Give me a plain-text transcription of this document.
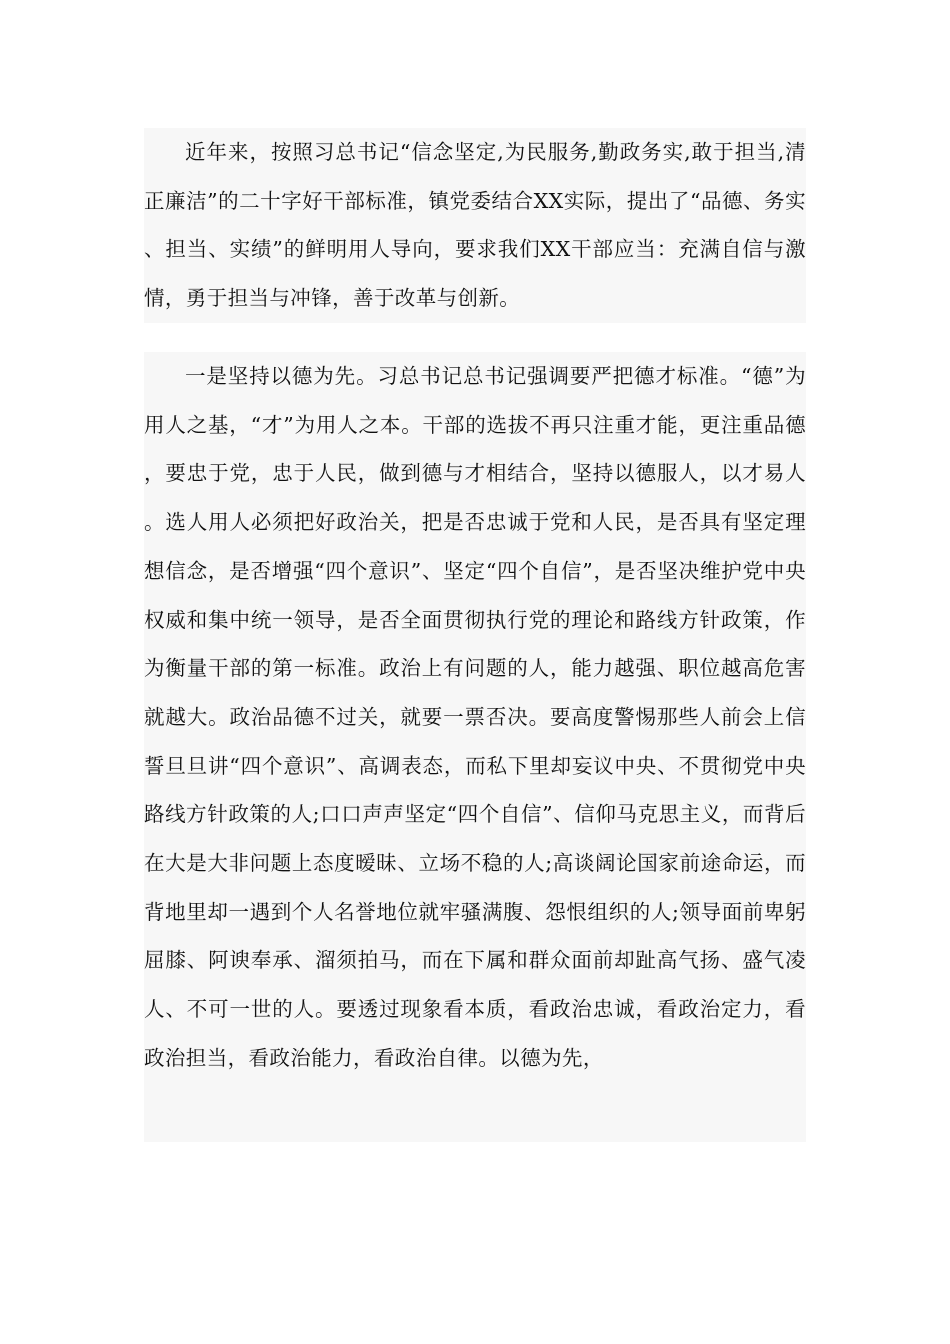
近年来，按照习总书记“信念坚定,为民服务,勤政务实,敢于担当,清正廉洁”的二十字好干部标准，镇党委结合XX实际，提出了“品德、务实、担当、实绩”的鲜明用人导向，要求我们XX干部应当：充满自信与激情，勇于担当与冲锋，善于改革与创新。

一是坚持以德为先。习总书记总书记强调要严把德才标准。“德”为用人之基，“才”为用人之本。干部的选拔不再只注重才能，更注重品德，要忠于党，忠于人民，做到德与才相结合，坚持以德服人，以才易人。选人用人必须把好政治关，把是否忠诚于党和人民，是否具有坚定理想信念，是否增强“四个意识”、坚定“四个自信”，是否坚决维护党中央权威和集中统一领导，是否全面贯彻执行党的理论和路线方针政策，作为衡量干部的第一标准。政治上有问题的人，能力越强、职位越高危害就越大。政治品德不过关，就要一票否决。要高度警惕那些人前会上信誓旦旦讲“四个意识”、高调表态，而私下里却妄议中央、不贯彻党中央路线方针政策的人;口口声声坚定“四个自信”、信仰马克思主义，而背后在大是大非问题上态度暧昧、立场不稳的人;高谈阔论国家前途命运，而背地里却一遇到个人名誉地位就牢骚满腹、怨恨组织的人;领导面前卑躬屈膝、阿谀奉承、溜须拍马，而在下属和群众面前却趾高气扬、盛气凌人、不可一世的人。要透过现象看本质，看政治忠诚，看政治定力，看政治担当，看政治能力，看政治自律。以德为先，
